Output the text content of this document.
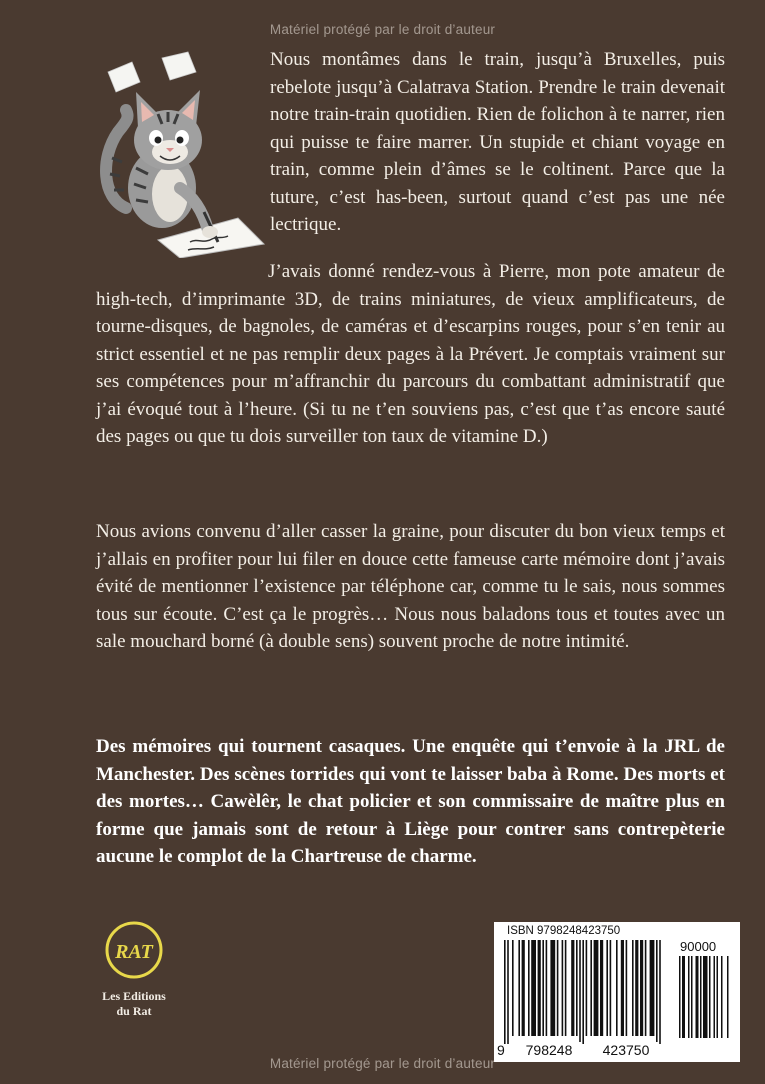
Matériel protégé par le droit d’auteur
Nous montâmes dans le train, jusqu’à Bruxelles, puis rebelote jusqu’à Calatrava Station. Prendre le train devenait notre train-train quotidien. Rien de folichon à te narrer, rien qui puisse te faire marrer. Un stupide et chiant voyage en train, comme plein d’âmes se le coltinent. Parce que la tuture, c’est has-been, surtout quand c’est pas une née lectrique.
J’avais donné rendez-vous à Pierre, mon pote amateur de high-tech, d’imprimante 3D, de trains miniatures, de vieux amplificateurs, de tourne-disques, de bagnoles, de caméras et d’escarpins rouges, pour s’en tenir au strict essentiel et ne pas remplir deux pages à la Prévert. Je comptais vraiment sur ses compétences pour m’affranchir du parcours du combattant administratif que j’ai évoqué tout à l’heure. (Si tu ne t’en souviens pas, c’est que t’as encore sauté des pages ou que tu dois surveiller ton taux de vitamine D.)
Nous avions convenu d’aller casser la graine, pour discuter du bon vieux temps et j’allais en profiter pour lui filer en douce cette fameuse carte mémoire dont j’avais évité de mentionner l’existence par téléphone car, comme tu le sais, nous sommes tous sur écoute. C’est ça le progrès… Nous nous baladons tous et toutes avec un sale mouchard borné (à double sens) souvent proche de notre intimité.
Des mémoires qui tournent casaques. Une enquête qui t’envoie à la JRL de Manchester. Des scènes torrides qui vont te laisser baba à Rome. Des morts et des mortes… Cawèlêr, le chat policier et son commissaire de maître plus en forme que jamais sont de retour à Liège pour contrer sans contrepèterie aucune le complot de la Chartreuse de charme.
RAT
Les Editions
du Rat
ISBN 9798248423750
90000
9	798248	423750
Matériel protégé par le droit d’auteur
